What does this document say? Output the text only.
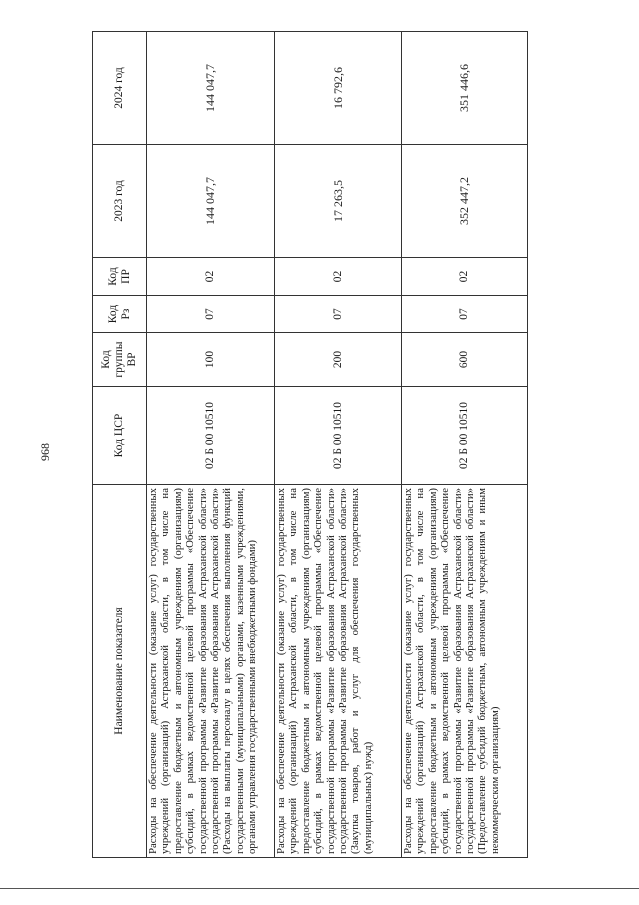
968
Наименование показателя	Код ЦСР	Код группы ВР	Код Рз	Код ПР	2023 год	2024 год
Расходы на обеспечение деятельности (оказание услуг) государственных учреждений (организаций) Астраханской области, в том числе на предоставление бюджетным и автономным учреждениям (организациям) субсидий, в рамках ведомственной целевой программы «Обеспечение государственной программы «Развитие образования Астраханской области» государственной программы «Развитие образования Астраханской области» (Расходы на выплаты персоналу в целях обеспечения выполнения функций государственными (муниципальными) органами, казенными учреждениями, органами управления государственными внебюджетными фондами)	02 Б 00 10510	100	07	02	144 047,7	144 047,7
Расходы на обеспечение деятельности (оказание услуг) государственных учреждений (организаций) Астраханской области, в том числе на предоставление бюджетным и автономным учреждениям (организациям) субсидий, в рамках ведомственной целевой программы «Обеспечение государственной программы «Развитие образования Астраханской области» государственной программы «Развитие образования Астраханской области» (Закупка товаров, работ и услуг для обеспечения государственных (муниципальных) нужд)	02 Б 00 10510	200	07	02	17 263,5	16 792,6
Расходы на обеспечение деятельности (оказание услуг) государственных учреждений (организаций) Астраханской области, в том числе на предоставление бюджетным и автономным учреждениям (организациям) субсидий, в рамках ведомственной целевой программы «Обеспечение государственной программы «Развитие образования Астраханской области» государственной программы «Развитие образования Астраханской области» (Предоставление субсидий бюджетным, автономным учреждениям и иным некоммерческим организациям)	02 Б 00 10510	600	07	02	352 447,2	351 446,6
